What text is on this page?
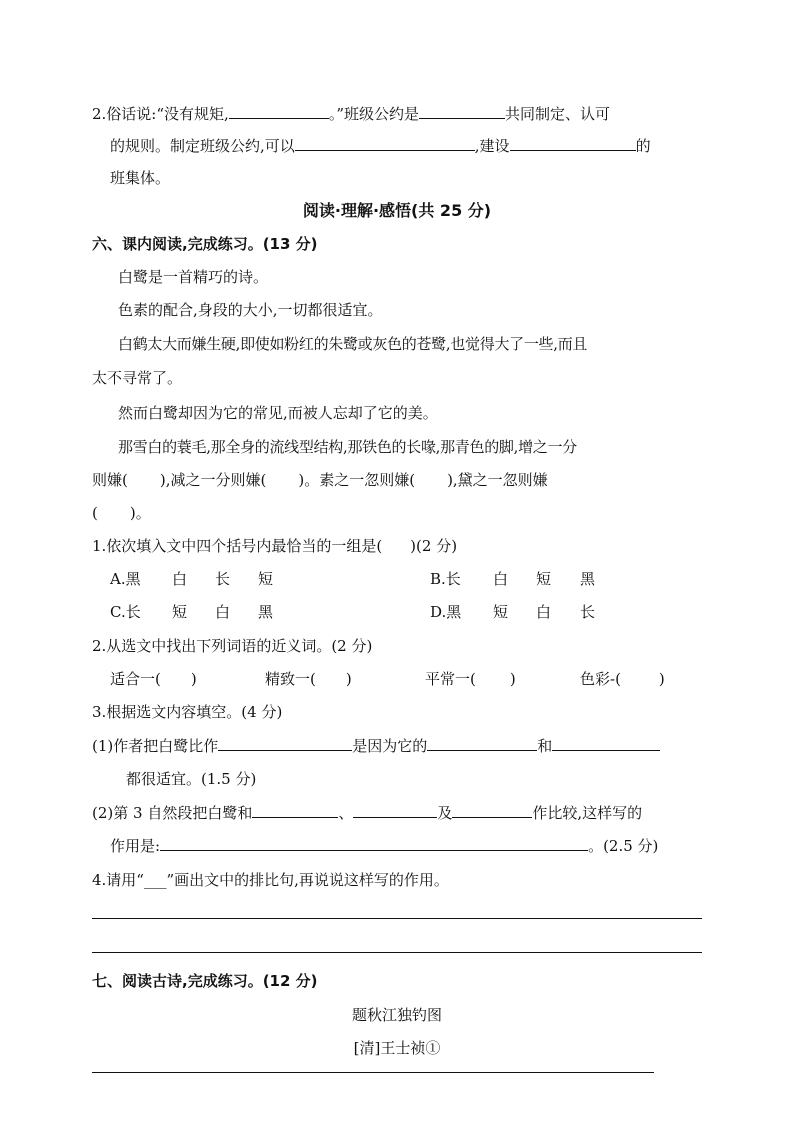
2.俗话说:“没有规矩,	。”班级公约是	共同制定、认可
的规则。制定班级公约,可以	,建设	的
班集体。
阅读·理解·感悟(共 25 分)
六、课内阅读,完成练习。(13 分)
白鹭是一首精巧的诗。
色素的配合,身段的大小,一切都很适宜。
白鹤太大而嫌生硬,即使如粉红的朱鹭或灰色的苍鹭,也觉得大了一些,而且
太不寻常了。
然而白鹭却因为它的常见,而被人忘却了它的美。
那雪白的蓑毛,那全身的流线型结构,那铁色的长喙,那青色的脚,增之一分
则嫌( ),减之一分则嫌( )。素之一忽则嫌( ),黛之一忽则嫌
( )。
1.依次填入文中四个括号内最恰当的一组是( )(2 分)
A.黑 白 长 短	B.长 白 短 黑
C.长 短 白 黑	D.黑 短 白 长
2.从选文中找出下列词语的近义词。(2 分)
适合一( )	精致一( )	平常一( )	色彩-(	)
3.根据选文内容填空。(4 分)
(1)作者把白鹭比作	是因为它的	和
都很适宜。(1.5 分)
(2)第 3 自然段把白鹭和	、	及	作比较,这样写的
作用是:	。(2.5 分)
4.请用“___”画出文中的排比句,再说说这样写的作用。
七、阅读古诗,完成练习。(12 分)
题秋江独钓图
[清]王士祯①
